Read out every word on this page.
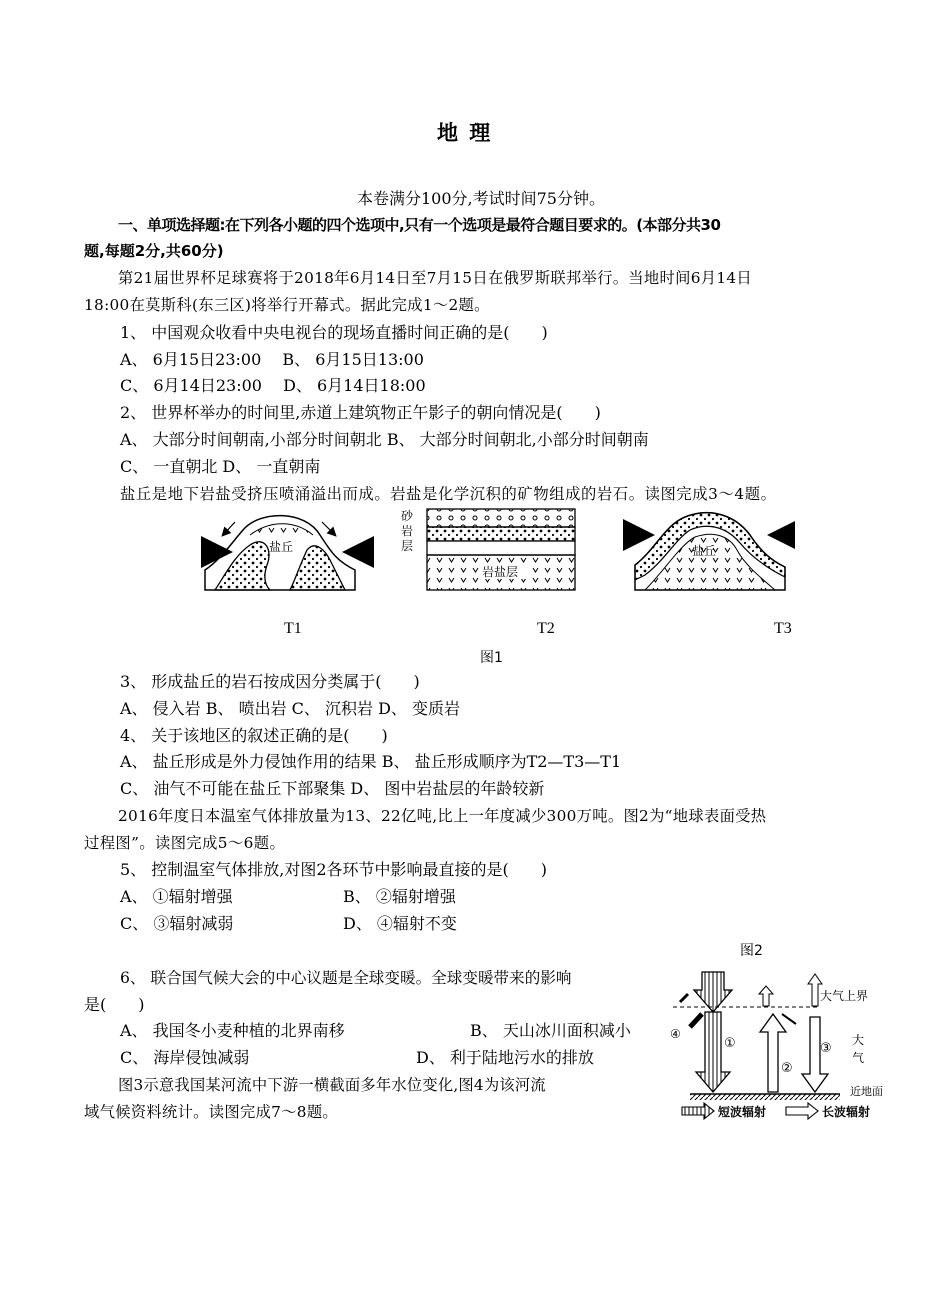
地 理
本卷满分100分,考试时间75分钟。
一、单项选择题:在下列各小题的四个选项中,只有一个选项是最符合题目要求的。(本部分共30
题,每题2分,共60分)
第21届世界杯足球赛将于2018年6月14日至7月15日在俄罗斯联邦举行。当地时间6月14日
18:00在莫斯科(东三区)将举行开幕式。据此完成1～2题。
1、 中国观众收看中央电视台的现场直播时间正确的是(　　)
A、 6月15日23:00　 B、 6月15日13:00
C、 6月14日23:00　 D、 6月14日18:00
2、 世界杯举办的时间里,赤道上建筑物正午影子的朝向情况是(　　)
A、 大部分时间朝南,小部分时间朝北 B、 大部分时间朝北,小部分时间朝南
C、 一直朝北 D、 一直朝南
盐丘是地下岩盐受挤压喷涌溢出而成。岩盐是化学沉积的矿物组成的岩石。读图完成3～4题。
盐丘
砂
岩
层
岩盐层
盐丘
T1	T2	T3
图1
3、 形成盐丘的岩石按成因分类属于(　　)
A、 侵入岩 B、 喷出岩 C、 沉积岩 D、 变质岩
4、 关于该地区的叙述正确的是(　　)
A、 盐丘形成是外力侵蚀作用的结果 B、 盐丘形成顺序为T2—T3—T1
C、 油气不可能在盐丘下部聚集 D、 图中岩盐层的年龄较新
2016年度日本温室气体排放量为13、22亿吨,比上一年度减少300万吨。图2为“地球表面受热
过程图”。读图完成5～6题。
5、 控制温室气体排放,对图2各环节中影响最直接的是(　　)
A、 ①辐射增强	B、 ②辐射增强
C、 ③辐射减弱	D、 ④辐射不变
图2
6、 联合国气候大会的中心议题是全球变暖。全球变暖带来的影响
是(　　)
A、 我国冬小麦种植的北界南移	B、 天山冰川面积减小
C、 海岸侵蚀减弱	D、 利于陆地污水的排放
图3示意我国某河流中下游一横截面多年水位变化,图4为该河流
域气候资料统计。读图完成7～8题。
大气上界
近地面
大
气
①
④
②
③
短波辐射	长波辐射
